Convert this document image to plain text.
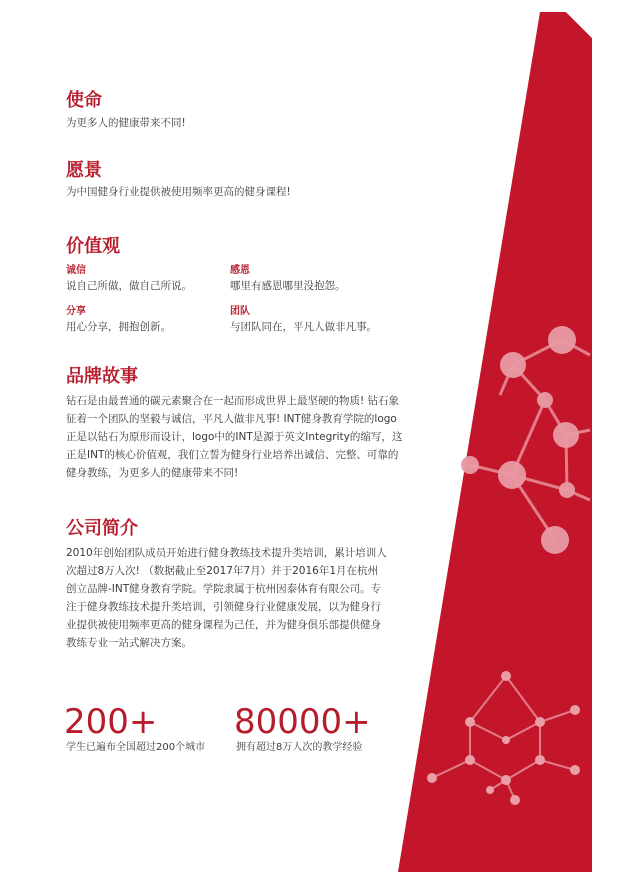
使命
为更多人的健康带来不同!
愿景
为中国健身行业提供被使用频率更高的健身课程!
价值观
诚信
说自己所做，做自己所说。
感恩
哪里有感恩哪里没抱怨。
分享
用心分享，拥抱创新。
团队
与团队同在，平凡人做非凡事。
品牌故事
钻石是由最普通的碳元素聚合在一起而形成世界上最坚硬的物质! 钻石象
征着一个团队的坚毅与诚信，平凡人做非凡事! INT健身教育学院的logo
正是以钻石为原形而设计，logo中的INT是源于英文Integrity的缩写，这
正是INT的核心价值观，我们立誓为健身行业培养出诚信、完整、可靠的
健身教练，为更多人的健康带来不同!
公司简介
2010年创始团队成员开始进行健身教练技术提升类培训，累计培训人
次超过8万人次! （数据截止至2017年7月）并于2016年1月在杭州
创立品牌-INT健身教育学院。学院隶属于杭州因泰体育有限公司。专
注于健身教练技术提升类培训，引领健身行业健康发展，以为健身行
业提供被使用频率更高的健身课程为己任，并为健身俱乐部提供健身
教练专业一站式解决方案。
200+
学生已遍布全国超过200个城市
80000+
拥有超过8万人次的教学经验
